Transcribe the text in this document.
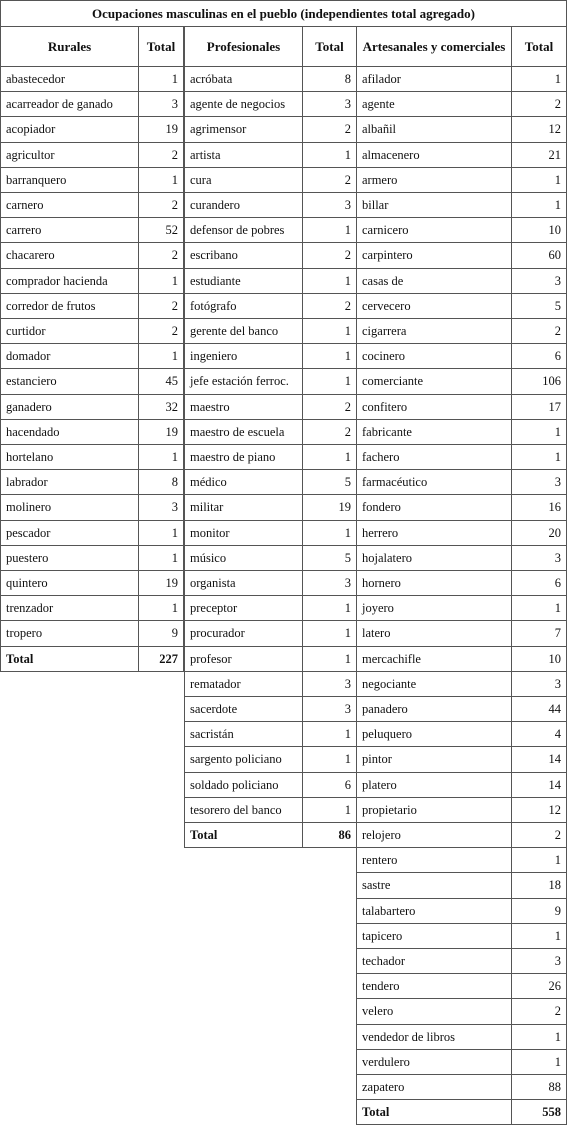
Ocupaciones masculinas en el pueblo (independientes total agregado)
Rurales	Total
abastecedor	1
acarreador de ganado	3
acopiador	19
agricultor	2
barranquero	1
carnero	2
carrero	52
chacarero	2
comprador hacienda	1
corredor de frutos	2
curtidor	2
domador	1
estanciero	45
ganadero	32
hacendado	19
hortelano	1
labrador	8
molinero	3
pescador	1
puestero	1
quintero	19
trenzador	1
tropero	9
Total	227
Profesionales	Total
acróbata	8
agente de negocios	3
agrimensor	2
artista	1
cura	2
curandero	3
defensor de pobres	1
escribano	2
estudiante	1
fotógrafo	2
gerente del banco	1
ingeniero	1
jefe estación ferroc.	1
maestro	2
maestro de escuela	2
maestro de piano	1
médico	5
militar	19
monitor	1
músico	5
organista	3
preceptor	1
procurador	1
profesor	1
rematador	3
sacerdote	3
sacristán	1
sargento policiano	1
soldado policiano	6
tesorero del banco	1
Total	86
Artesanales y comerciales	Total
afilador	1
agente	2
albañil	12
almacenero	21
armero	1
billar	1
carnicero	10
carpintero	60
casas de	3
cervecero	5
cigarrera	2
cocinero	6
comerciante	106
confitero	17
fabricante	1
fachero	1
farmacéutico	3
fondero	16
herrero	20
hojalatero	3
hornero	6
joyero	1
latero	7
mercachifle	10
negociante	3
panadero	44
peluquero	4
pintor	14
platero	14
propietario	12
relojero	2
rentero	1
sastre	18
talabartero	9
tapicero	1
techador	3
tendero	26
velero	2
vendedor de libros	1
verdulero	1
zapatero	88
Total	558
